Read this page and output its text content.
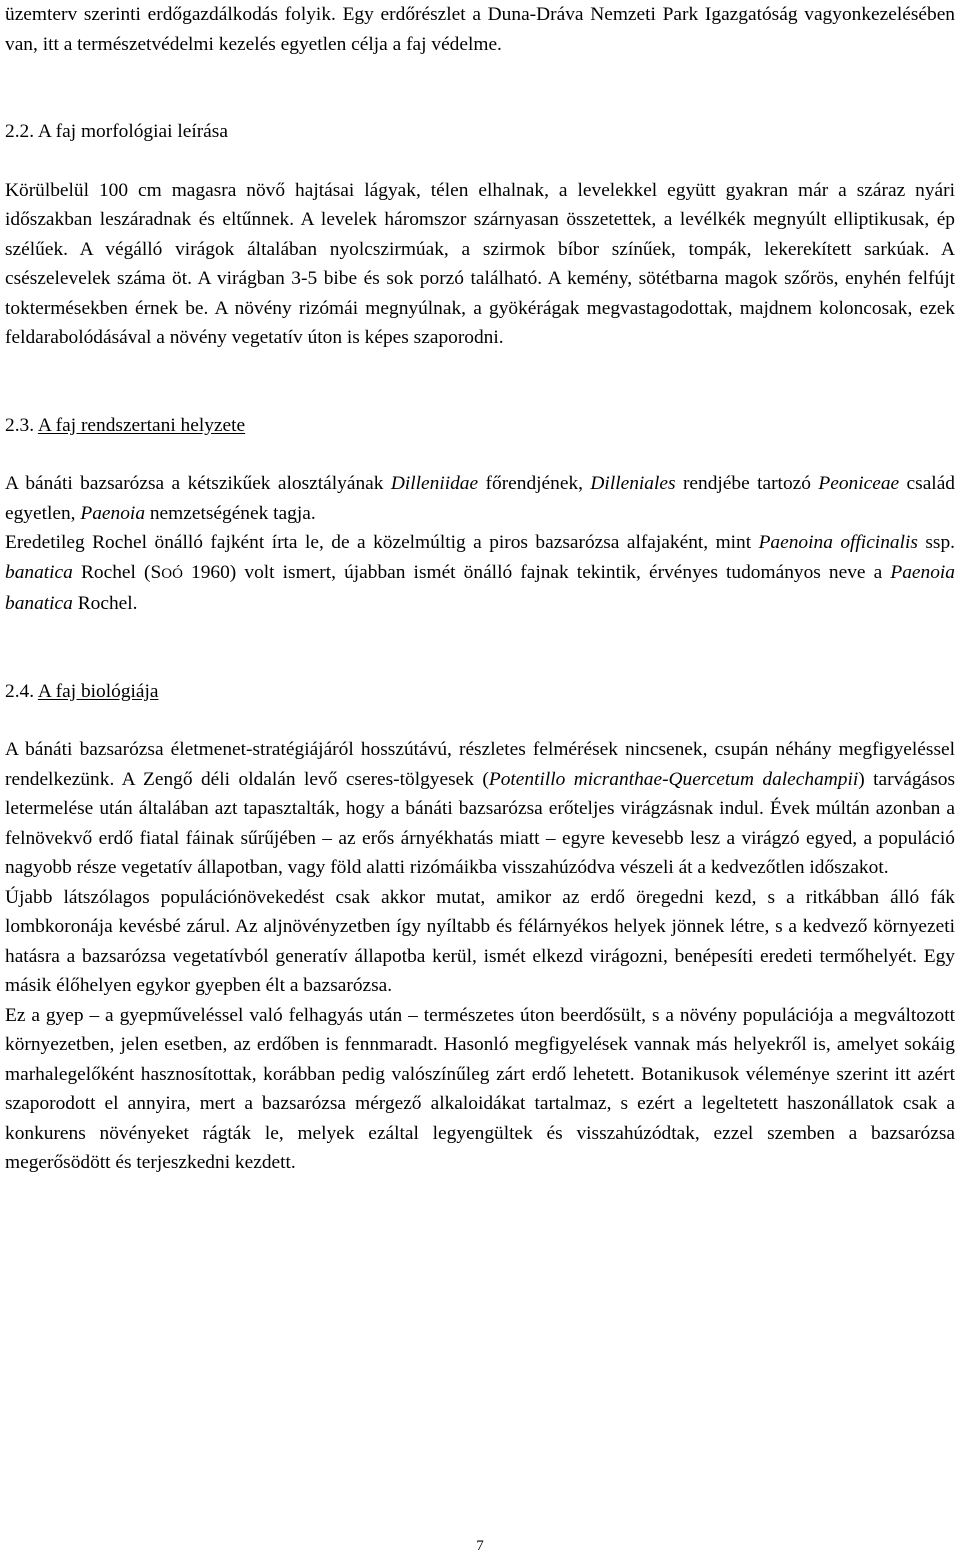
üzemterv szerinti erdőgazdálkodás folyik. Egy erdőrészlet a Duna-Dráva Nemzeti Park Igazgatóság vagyonkezelésében van, itt a természetvédelmi kezelés egyetlen célja a faj védelme.

2.2. A faj morfológiai leírása

Körülbelül 100 cm magasra növő hajtásai lágyak, télen elhalnak, a levelekkel együtt gyakran már a száraz nyári időszakban leszáradnak és eltűnnek. A levelek háromszor szárnyasan összetettek, a levélkék megnyúlt elliptikusak, ép szélűek. A végálló virágok általában nyolcszirmúak, a szirmok bíbor színűek, tompák, lekerekített sarkúak. A csészelevelek száma öt. A virágban 3-5 bibe és sok porzó található. A kemény, sötétbarna magok szőrös, enyhén felfújt toktermésekben érnek be. A növény rizómái megnyúlnak, a gyökérágak megvastagodottak, majdnem koloncosak, ezek feldarabolódásával a növény vegetatív úton is képes szaporodni.

2.3. A faj rendszertani helyzete

A bánáti bazsarózsa a kétszikűek alosztályának Dilleniidae főrendjének, Dilleniales rendjébe tartozó Peoniceae család egyetlen, Paenoia nemzetségének tagja.

Eredetileg Rochel önálló fajként írta le, de a közelmúltig a piros bazsarózsa alfajaként, mint Paenoina officinalis ssp. banatica Rochel (SOÓ 1960) volt ismert, újabban ismét önálló fajnak tekintik, érvényes tudományos neve a Paenoia banatica Rochel.

2.4. A faj biológiája

A bánáti bazsarózsa életmenet-stratégiájáról hosszútávú, részletes felmérések nincsenek, csupán néhány megfigyeléssel rendelkezünk. A Zengő déli oldalán levő cseres-tölgyesek (Potentillo micranthae-Quercetum dalechampii) tarvágásos letermelése után általában azt tapasztalták, hogy a bánáti bazsarózsa erőteljes virágzásnak indul. Évek múltán azonban a felnövekvő erdő fiatal fáinak sűrűjében – az erős árnyékhatás miatt – egyre kevesebb lesz a virágzó egyed, a populáció nagyobb része vegetatív állapotban, vagy föld alatti rizómáikba visszahúzódva vészeli át a kedvezőtlen időszakot.

Újabb látszólagos populációnövekedést csak akkor mutat, amikor az erdő öregedni kezd, s a ritkábban álló fák lombkoronája kevésbé zárul. Az aljnövényzetben így nyíltabb és félárnyékos helyek jönnek létre, s a kedvező környezeti hatásra a bazsarózsa vegetatívból generatív állapotba kerül, ismét elkezd virágozni, benépesíti eredeti termőhelyét. Egy másik élőhelyen egykor gyepben élt a bazsarózsa.

Ez a gyep – a gyepműveléssel való felhagyás után – természetes úton beerdősült, s a növény populációja a megváltozott környezetben, jelen esetben, az erdőben is fennmaradt. Hasonló megfigyelések vannak más helyekről is, amelyet sokáig marhalegelőként hasznosítottak, korábban pedig valószínűleg zárt erdő lehetett. Botanikusok véleménye szerint itt azért szaporodott el annyira, mert a bazsarózsa mérgező alkaloidákat tartalmaz, s ezért a legeltetett haszonállatok csak a konkurens növényeket rágták le, melyek ezáltal legyengültek és visszahúzódtak, ezzel szemben a bazsarózsa megerősödött és terjeszkedni kezdett.

7
